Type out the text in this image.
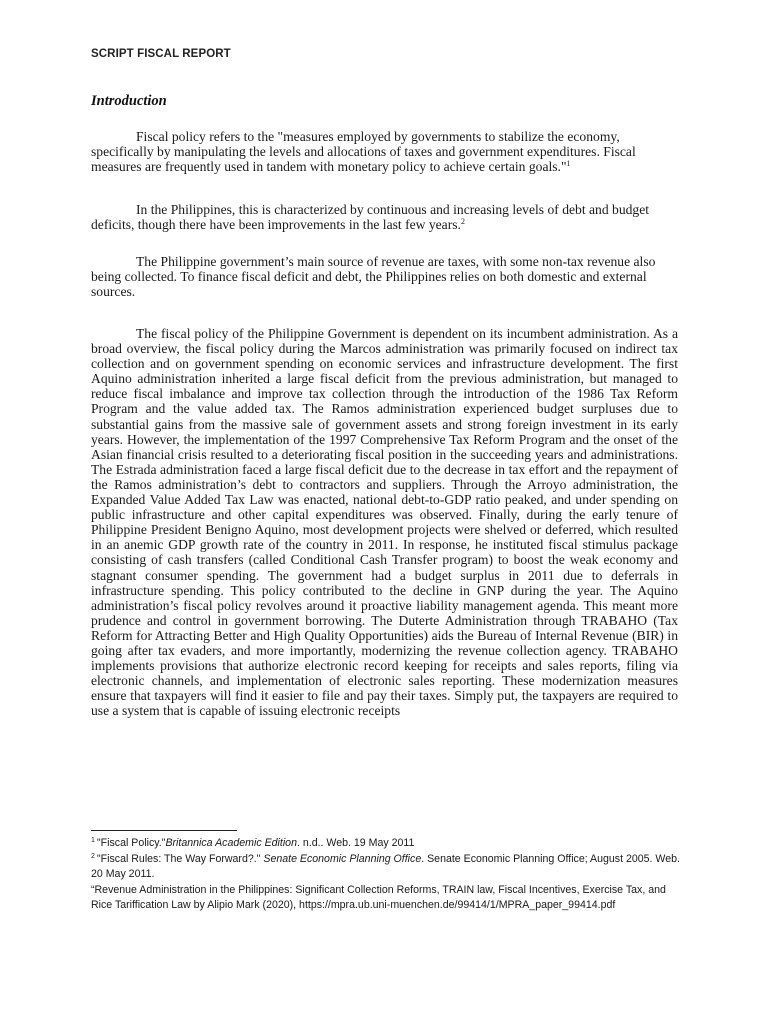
SCRIPT FISCAL REPORT
Introduction

Fiscal policy refers to the "measures employed by governments to stabilize the economy, specifically by manipulating the levels and allocations of taxes and government expenditures. Fiscal measures are frequently used in tandem with monetary policy to achieve certain goals."$^1$

In the Philippines, this is characterized by continuous and increasing levels of debt and budget deficits, though there have been improvements in the last few years.$^2$

The Philippine government’s main source of revenue are taxes, with some non-tax revenue also being collected. To finance fiscal deficit and debt, the Philippines relies on both domestic and external sources.

The fiscal policy of the Philippine Government is dependent on its incumbent administration. As a broad overview, the fiscal policy during the Marcos administration was primarily focused on indirect tax collection and on government spending on economic services and infrastructure development. The first Aquino administration inherited a large fiscal deficit from the previous administration, but managed to reduce fiscal imbalance and improve tax collection through the introduction of the 1986 Tax Reform Program and the value added tax. The Ramos administration experienced budget surpluses due to substantial gains from the massive sale of government assets and strong foreign investment in its early years. However, the implementation of the 1997 Comprehensive Tax Reform Program and the onset of the Asian financial crisis resulted to a deteriorating fiscal position in the succeeding years and administrations. The Estrada administration faced a large fiscal deficit due to the decrease in tax effort and the repayment of the Ramos administration’s debt to contractors and suppliers. Through the Arroyo administration, the Expanded Value Added Tax Law was enacted, national debt-to-GDP ratio peaked, and under spending on public infrastructure and other capital expenditures was observed. Finally, during the early tenure of Philippine President Benigno Aquino, most development projects were shelved or deferred, which resulted in an anemic GDP growth rate of the country in 2011. In response, he instituted fiscal stimulus package consisting of cash transfers (called Conditional Cash Transfer program) to boost the weak economy and stagnant consumer spending. The government had a budget surplus in 2011 due to deferrals in infrastructure spending. This policy contributed to the decline in GNP during the year. The Aquino administration’s fiscal policy revolves around it proactive liability management agenda. This meant more prudence and control in government borrowing. The Duterte Administration through TRABAHO (Tax Reform for Attracting Better and High Quality Opportunities) aids the Bureau of Internal Revenue (BIR) in going after tax evaders, and more importantly, modernizing the revenue collection agency. TRABAHO implements provisions that authorize electronic record keeping for receipts and sales reports, filing via electronic channels, and implementation of electronic sales reporting. These modernization measures ensure that taxpayers will find it easier to file and pay their taxes. Simply put, the taxpayers are required to use a system that is capable of issuing electronic receipts

$^1$ "Fiscal Policy."Britannica Academic Edition. n.d.. Web. 19 May 2011

$^2$ "Fiscal Rules: The Way Forward?." Senate Economic Planning Office. Senate Economic Planning Office; August 2005. Web. 20 May 2011.

“Revenue Administration in the Philippines: Significant Collection Reforms, TRAIN law, Fiscal Incentives, Exercise Tax, and Rice Tariffication Law by Alipio Mark (2020), https://mpra.ub.uni-muenchen.de/99414/1/MPRA_paper_99414.pdf
